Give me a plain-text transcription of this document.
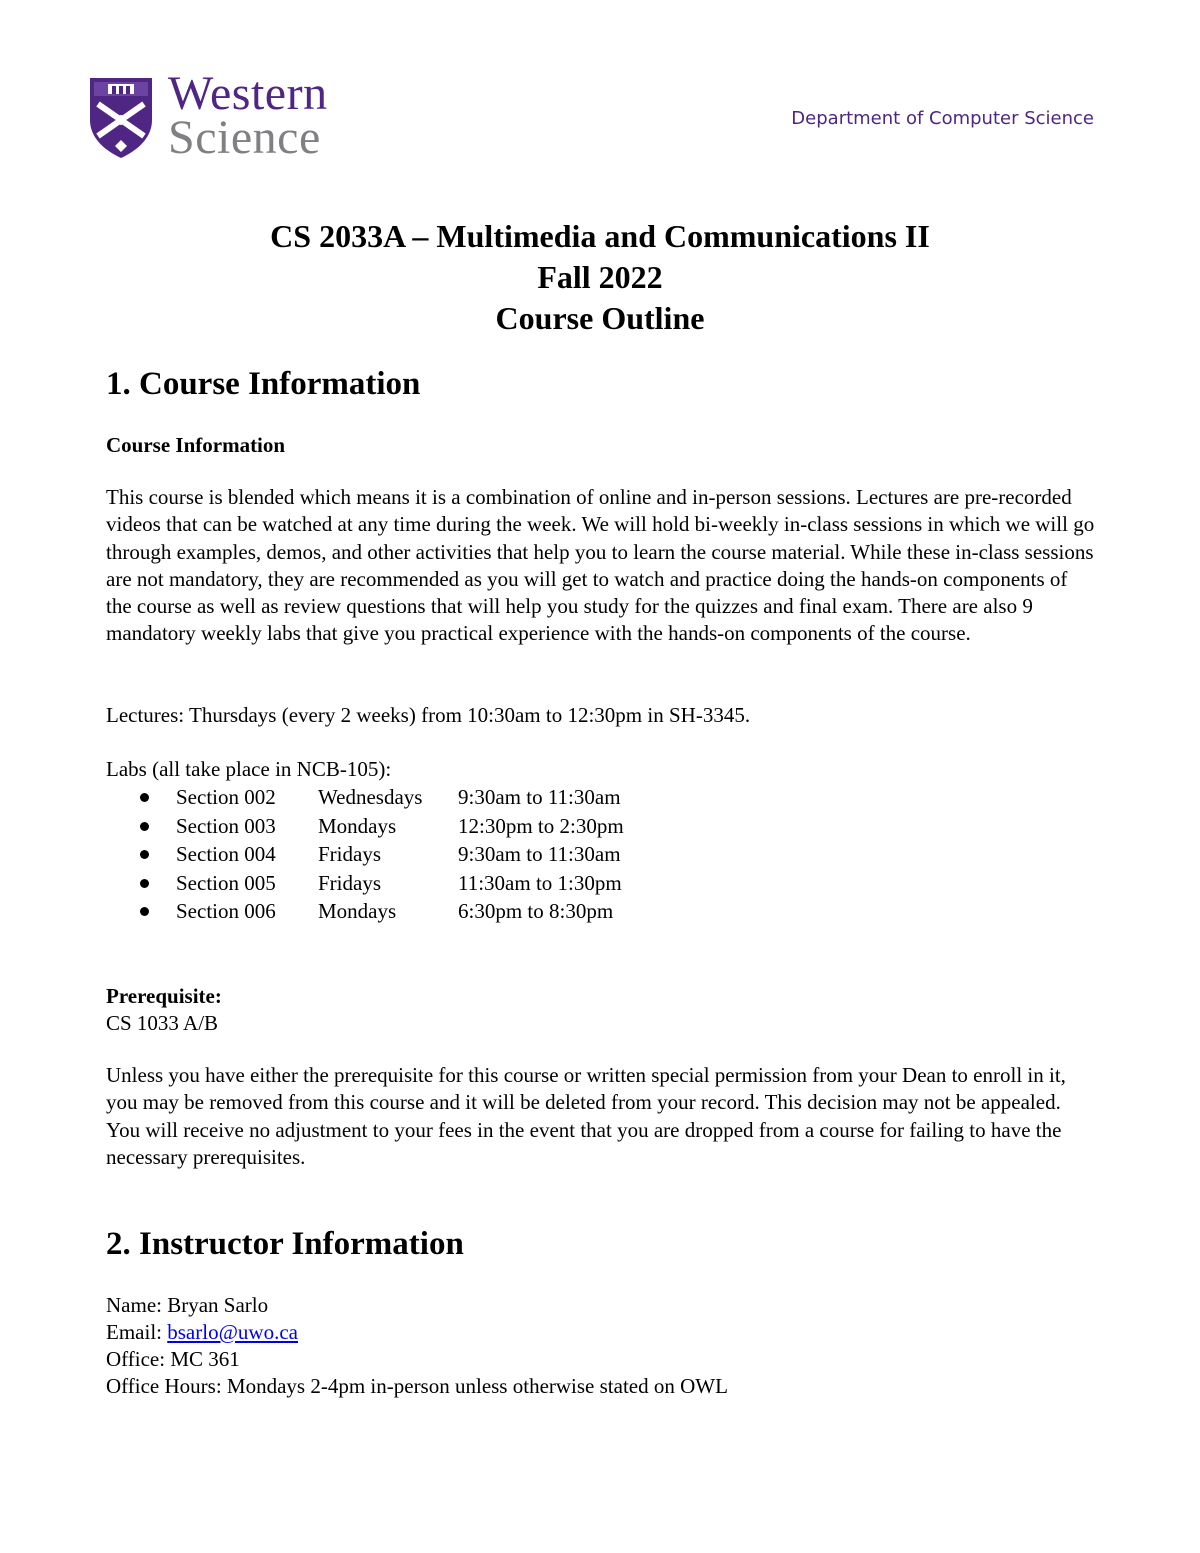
Western
Science	Department of Computer Science
CS 2033A – Multimedia and Communications II
Fall 2022
Course Outline
1. Course Information
Course Information
This course is blended which means it is a combination of online and in-person sessions. Lectures are pre-recorded videos that can be watched at any time during the week. We will hold bi-weekly in-class sessions in which we will go through examples, demos, and other activities that help you to learn the course material. While these in-class sessions are not mandatory, they are recommended as you will get to watch and practice doing the hands-on components of the course as well as review questions that will help you study for the quizzes and final exam. There are also 9 mandatory weekly labs that give you practical experience with the hands-on components of the course.
Lectures: Thursdays (every 2 weeks) from 10:30am to 12:30pm in SH-3345.
Labs (all take place in NCB-105):
Section 002 Wednesdays 9:30am to 11:30am
Section 003 Mondays	12:30pm to 2:30pm
Section 004 Fridays	9:30am to 11:30am
Section 005 Fridays	11:30am to 1:30pm
Section 006 Mondays	6:30pm to 8:30pm
Prerequisite:
CS 1033 A/B
Unless you have either the prerequisite for this course or written special permission from your Dean to enroll in it, you may be removed from this course and it will be deleted from your record. This decision may not be appealed. You will receive no adjustment to your fees in the event that you are dropped from a course for failing to have the necessary prerequisites.
2. Instructor Information
Name: Bryan Sarlo
Email: bsarlo@uwo.ca
Office: MC 361
Office Hours: Mondays 2-4pm in-person unless otherwise stated on OWL
